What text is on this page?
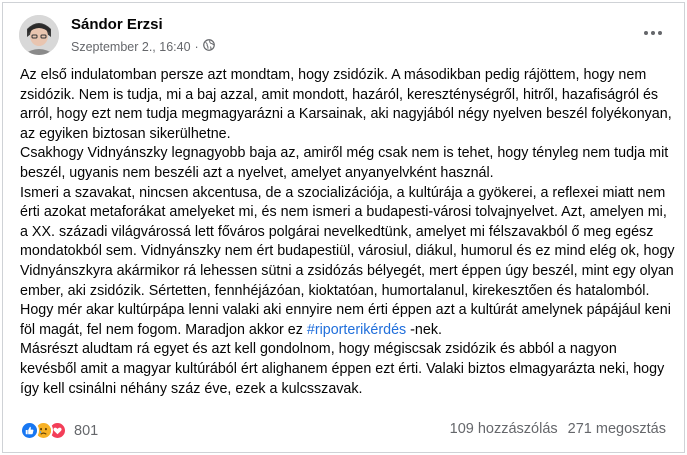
Sándor Erzsi
Szeptember 2., 16:40 ·

Az első indulatomban persze azt mondtam, hogy zsidózik. A másodikban pedig rájöttem, hogy nem zsidózik. Nem is tudja, mi a baj azzal, amit mondott, hazáról, kereszténységről, hitről, hazafiságról és arról, hogy ezt nem tudja megmagyarázni a Karsainak, aki nagyjából négy nyelven beszél folyékonyan, az egyiken biztosan sikerülhetne.

Csakhogy Vidnyánszky legnagyobb baja az, amiről még csak nem is tehet, hogy tényleg nem tudja mit beszél, ugyanis nem beszéli azt a nyelvet, amelyet anyanyelvként használ.

Ismeri a szavakat, nincsen akcentusa, de a szocializációja, a kultúrája a gyökerei, a reflexei miatt nem érti azokat metaforákat amelyeket mi, és nem ismeri a budapesti-városi tolvajnyelvet. Azt, amelyen mi, a XX. századi világvárossá lett főváros polgárai nevelkedtünk, amelyet mi félszavakból ő meg egész mondatokból sem. Vidnyánszky nem ért budapestiül, városiul, diákul, humorul és ez mind elég ok, hogy Vidnyánszkyra akármikor rá lehessen sütni a zsidózás bélyegét, mert éppen úgy beszél, mint egy olyan ember, aki zsidózik. Sértetten, fennhéjázóan, kioktatóan, humortalanul, kirekesztően és hatalomból. Hogy mér akar kultúrpápa lenni valaki aki ennyire nem érti éppen azt a kultúrát amelynek pápájául keni föl magát, fel nem fogom. Maradjon akkor ez #riporterikérdés -nek.

Másrészt aludtam rá egyet és azt kell gondolnom, hogy mégiscsak zsidózik és abból a nagyon kevésből amit a magyar kultúrából ért alighanem éppen ezt érti. Valaki biztos elmagyarázta neki, hogy így kell csinálni néhány száz éve, ezek a kulcsszavak.

801	109 hozzászólás 271 megosztás
